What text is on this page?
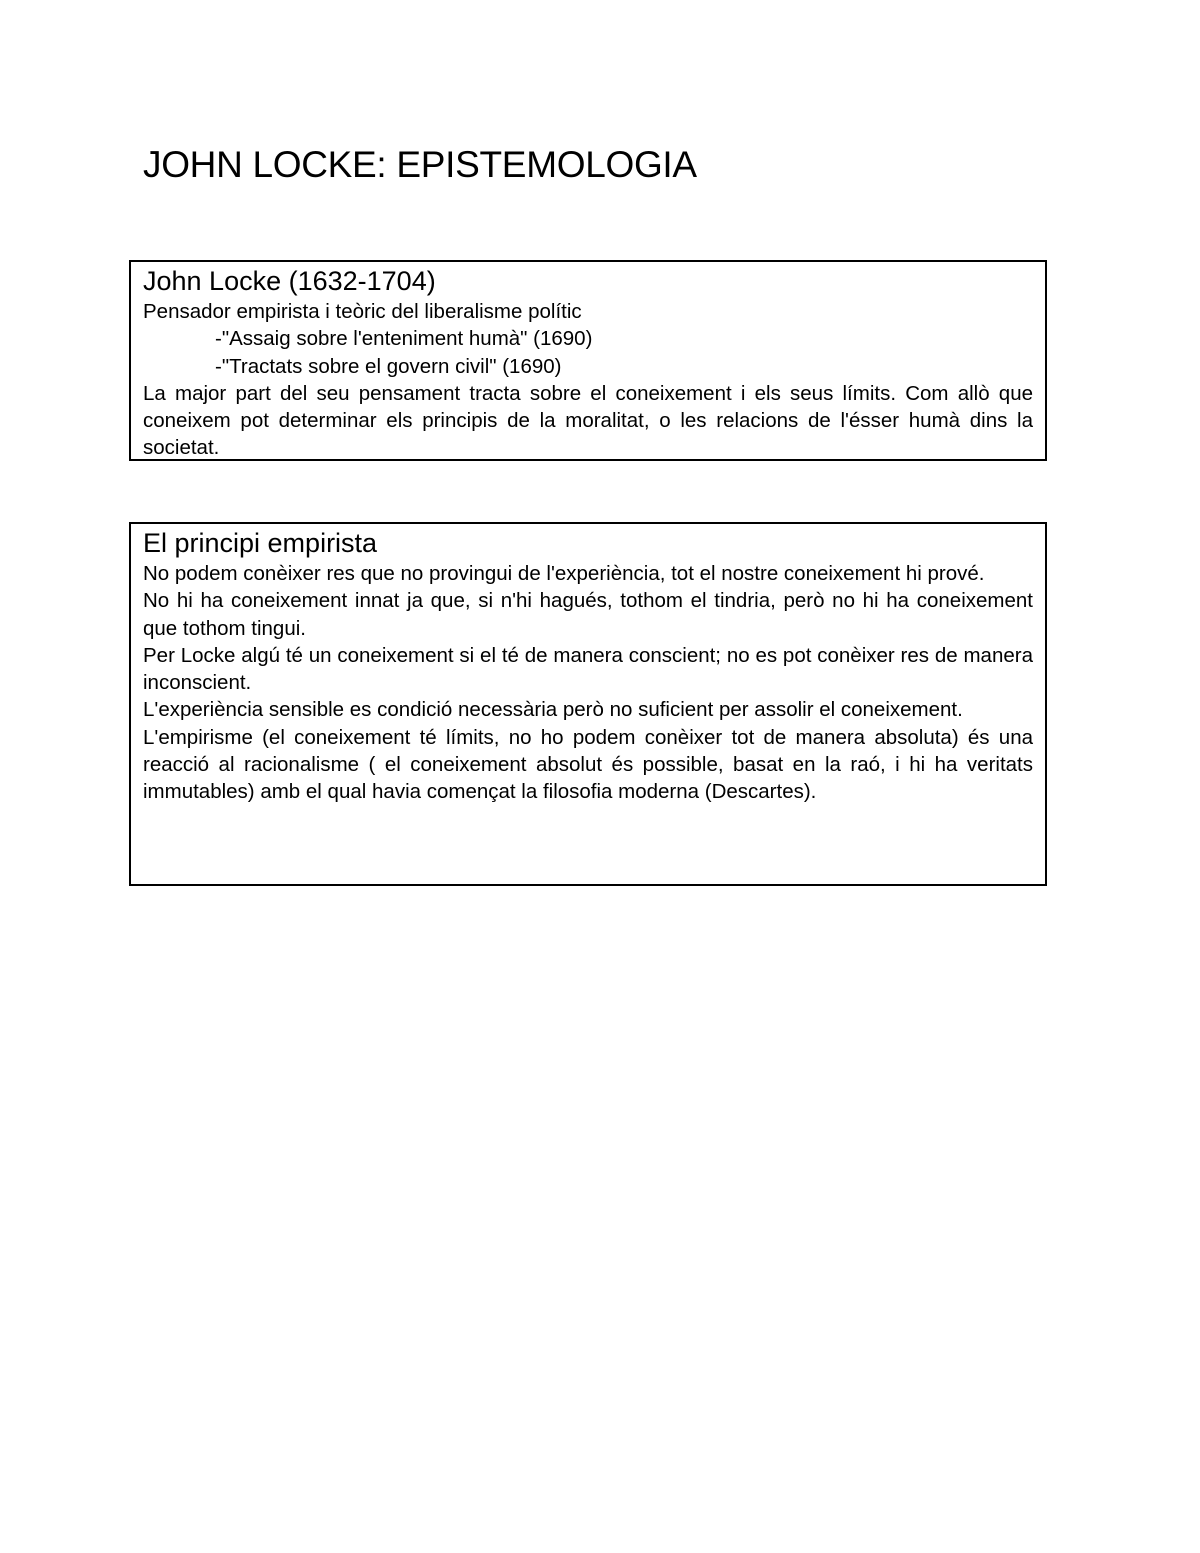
JOHN LOCKE: EPISTEMOLOGIA
John Locke (1632-1704)

Pensador empirista i teòric del liberalisme polític

-"Assaig sobre l'enteniment humà" (1690)

-"Tractats sobre el govern civil" (1690)

La major part del seu pensament tracta sobre el coneixement i els seus límits. Com allò que coneixem pot determinar els principis de la moralitat, o les relacions de l'ésser humà dins la societat.

El principi empirista

No podem conèixer res que no provingui de l'experiència, tot el nostre coneixement hi prové.

No hi ha coneixement innat ja que, si n'hi hagués, tothom el tindria, però no hi ha coneixement que tothom tingui.

Per Locke algú té un coneixement si el té de manera conscient; no es pot conèixer res de manera inconscient.

L'experiència sensible es condició necessària però no suficient per assolir el coneixement.

L'empirisme (el coneixement té límits, no ho podem conèixer tot de manera absoluta) és una reacció al racionalisme ( el coneixement absolut és possible, basat en la raó, i hi ha veritats immutables) amb el qual havia començat la filosofia moderna (Descartes).
